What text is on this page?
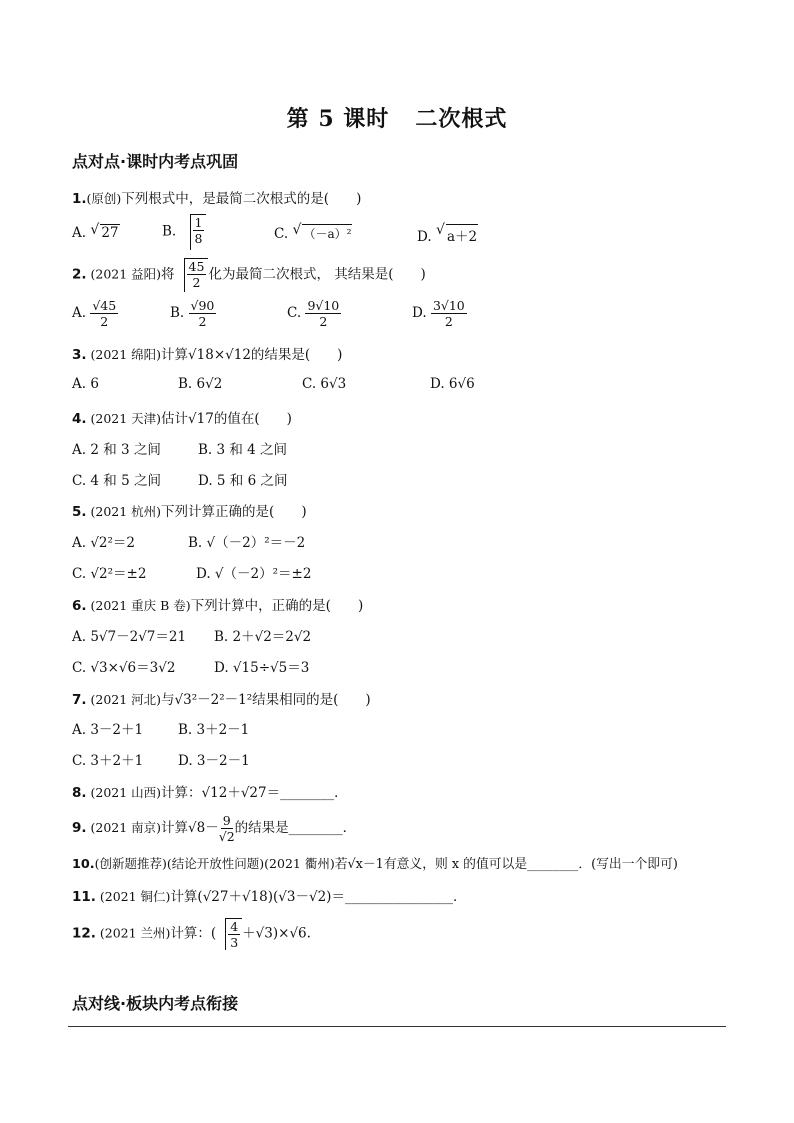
第 5 课时 二次根式
点对点·课时内考点巩固
1.(原创)下列根式中，是最简二次根式的是(　　)
A. √ 27	B. $\frac{1}{8}$	C. √ （－a）²	D. √ a＋2
2. (2021 益阳)将 $\frac{45}{2}$ 化为最简二次根式， 其结果是(　　)
A. $\frac{√45}{2}$	B. $\frac{√90}{2}$	C. $\frac{9√10}{2}$	D. $\frac{3√10}{2}$
3. (2021 绵阳)计算√18×√12的结果是(　　)
A. 6	B. 6√2	C. 6√3	D. 6√6
4. (2021 天津)估计√17的值在(　　)
A. 2 和 3 之间	B. 3 和 4 之间
C. 4 和 5 之间	D. 5 和 6 之间
5. (2021 杭州)下列计算正确的是(　　)
A. √2²＝2	B. √（－2）²＝－2
C. √2²＝±2	D. √（－2）²＝±2
6. (2021 重庆 B 卷)下列计算中，正确的是(　　)
A. 5√7－2√7＝21 B. 2＋√2＝2√2
C. √3×√6＝3√2	D. √15÷√5＝3
7. (2021 河北)与√3²－2²－1²结果相同的是(　　)
A. 3－2＋1	B. 3＋2－1
C. 3＋2＋1	D. 3－2－1
8. (2021 山西)计算：√12＋√27＝________．
9. (2021 南京)计算$√8- \frac{9}{√2}$ 的结果是________．
10.(创新题推荐)(结论开放性问题)(2021 衢州)若√x－1有意义，则 x 的值可以是________．(写出一个即可)
11. (2021 铜仁)计算(√27＋√18)(√3－√2)＝________________．
12. (2021 兰州)计算：( $\frac{4}{3} +√3)\times√6$.
点对线·板块内考点衔接
